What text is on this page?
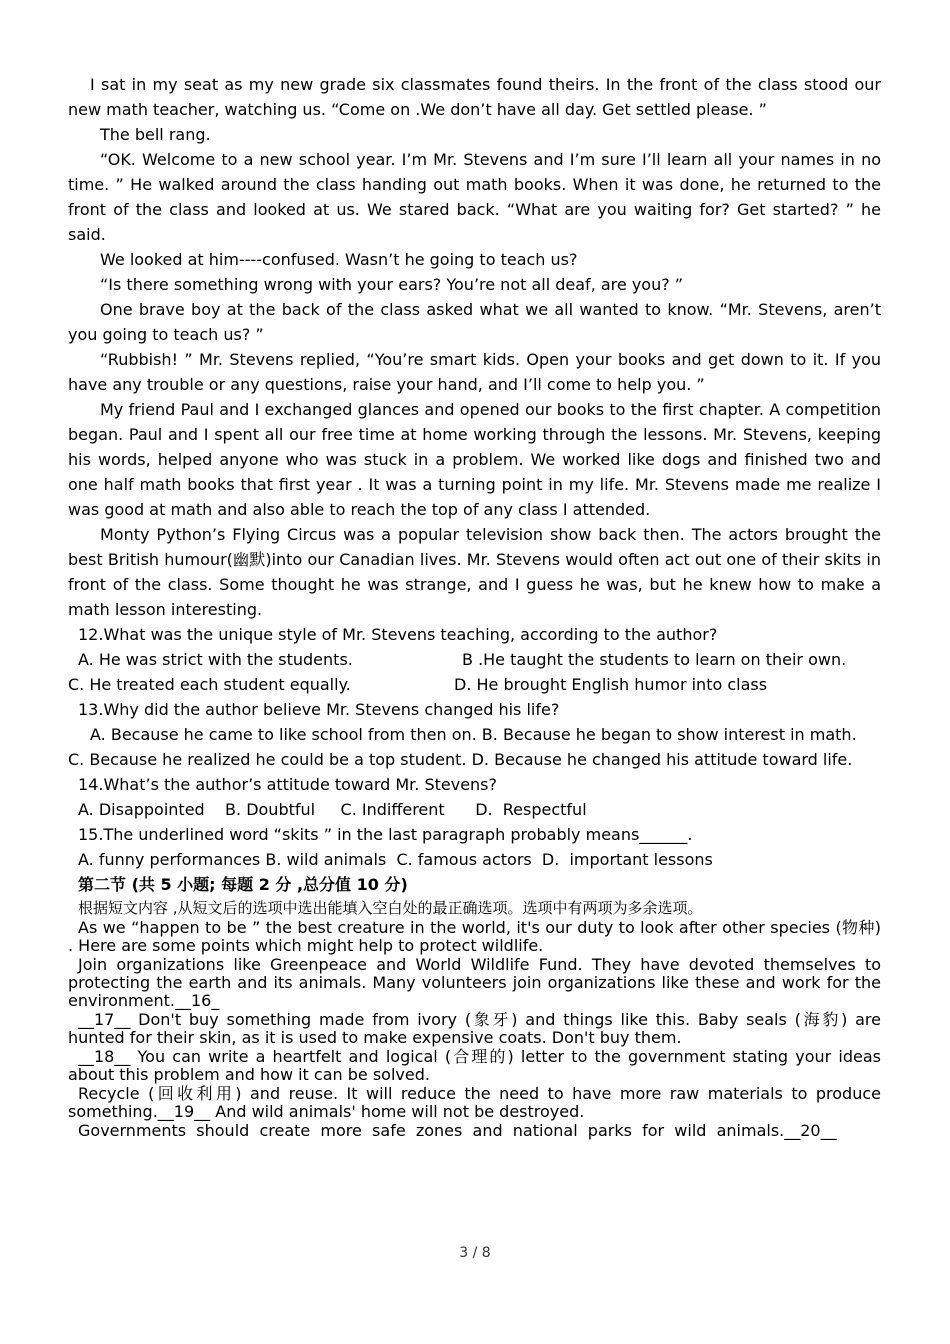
I sat in my seat as my new grade six classmates found theirs. In the front of the class stood our new math teacher, watching us. “Come on .We don’t have all day. Get settled please. ”

The bell rang.

“OK. Welcome to a new school year. I’m Mr. Stevens and I’m sure I’ll learn all your names in no time. ” He walked around the class handing out math books. When it was done, he returned to the front of the class and looked at us. We stared back. “What are you waiting for? Get started? ” he said.

We looked at him----confused. Wasn’t he going to teach us?

“Is there something wrong with your ears? You’re not all deaf, are you? ”

One brave boy at the back of the class asked what we all wanted to know. “Mr. Stevens, aren’t you going to teach us? ”

“Rubbish! ” Mr. Stevens replied, “You’re smart kids. Open your books and get down to it. If you have any trouble or any questions, raise your hand, and I’ll come to help you. ”

My friend Paul and I exchanged glances and opened our books to the first chapter. A competition began. Paul and I spent all our free time at home working through the lessons. Mr. Stevens, keeping his words, helped anyone who was stuck in a problem. We worked like dogs and finished two and one half math books that first year . It was a turning point in my life. Mr. Stevens made me realize I was good at math and also able to reach the top of any class I attended.

Monty Python’s Flying Circus was a popular television show back then. The actors brought the best British humour(幽默)into our Canadian lives. Mr. Stevens would often act out one of their skits in front of the class. Some thought he was strange, and I guess he was, but he knew how to make a math lesson interesting.

12.What was the unique style of Mr. Stevens teaching, according to the author?

A. He was strict with the students.	B .He taught the students to learn on their own.
C. He treated each student equally.	D. He brought English humor into class

13.Why did the author believe Mr. Stevens changed his life?

A. Because he came to like school from then on. B. Because he began to show interest in math.

C. Because he realized he could be a top student. D. Because he changed his attitude toward life.

14.What’s the author’s attitude toward Mr. Stevens?

A. Disappointed    B. Doubtful     C. Indifferent      D.  Respectful

15.The underlined word “skits ” in the last paragraph probably means______.

A. funny performances B. wild animals  C. famous actors  D.  important lessons

第二节 (共 5 小题; 每题 2 分 ,总分值 10 分)

根据短文内容 ,从短文后的选项中选出能填入空白处的最正确选项。选项中有两项为多余选项。

As we “happen to be ” the best creature in the world, it's our duty to look after other species (物种) . Here are some points which might help to protect wildlife.

Join organizations like Greenpeace and World Wildlife Fund. They have devoted themselves to protecting the earth and its animals. Many volunteers join organizations like these and work for the environment.__16_

__17__ Don't buy something made from ivory (象牙) and things like this. Baby seals (海豹) are hunted for their skin, as it is used to make expensive coats. Don't buy them.

__18__ You can write a heartfelt and logical (合理的) letter to the government stating your ideas about this problem and how it can be solved.

Recycle (回收利用) and reuse. It will reduce the need to have more raw materials to produce something.__19__ And wild animals' home will not be destroyed.

Governments  should  create  more  safe  zones  and  national  parks  for  wild  animals.__20__

3 / 8
